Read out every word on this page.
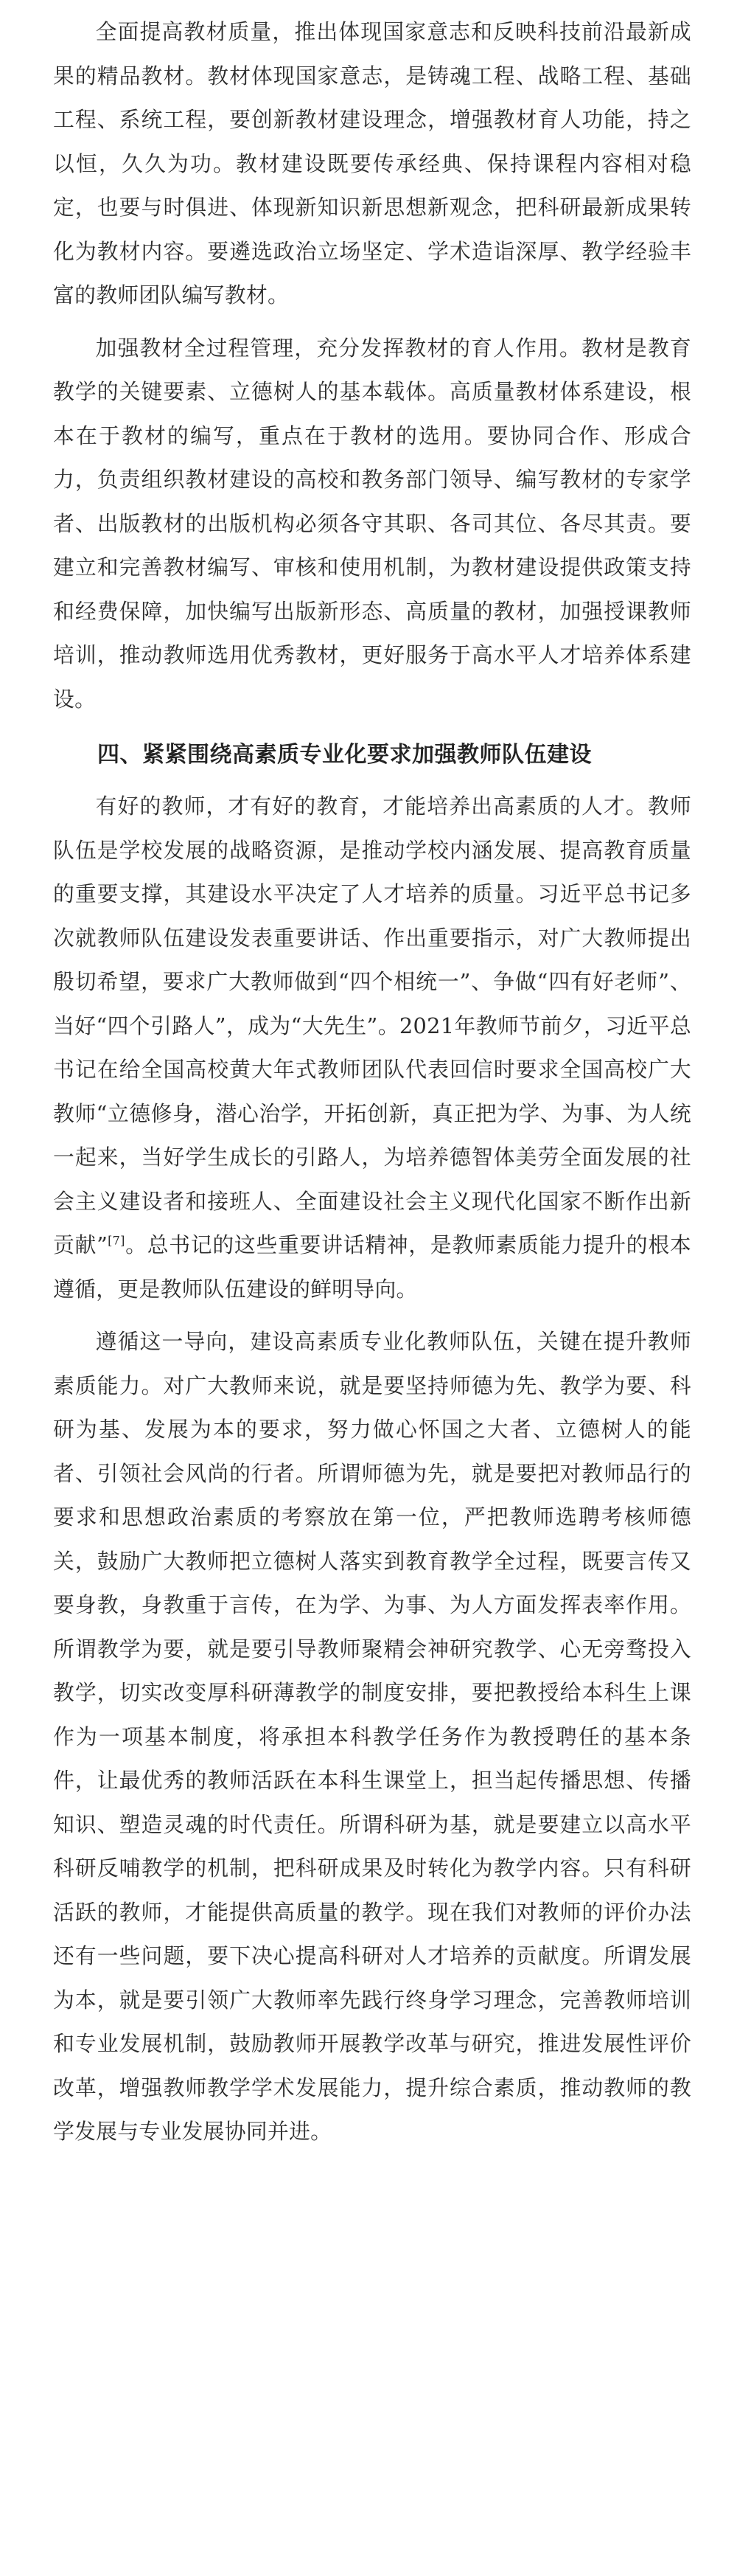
全面提高教材质量，推出体现国家意志和反映科技前沿最新成果的精品教材。教材体现国家意志，是铸魂工程、战略工程、基础工程、系统工程，要创新教材建设理念，增强教材育人功能，持之以恒，久久为功。教材建设既要传承经典、保持课程内容相对稳定，也要与时俱进、体现新知识新思想新观念，把科研最新成果转化为教材内容。要遴选政治立场坚定、学术造诣深厚、教学经验丰富的教师团队编写教材。

加强教材全过程管理，充分发挥教材的育人作用。教材是教育教学的关键要素、立德树人的基本载体。高质量教材体系建设，根本在于教材的编写，重点在于教材的选用。要协同合作、形成合力，负责组织教材建设的高校和教务部门领导、编写教材的专家学者、出版教材的出版机构必须各守其职、各司其位、各尽其责。要建立和完善教材编写、审核和使用机制，为教材建设提供政策支持和经费保障，加快编写出版新形态、高质量的教材，加强授课教师培训，推动教师选用优秀教材，更好服务于高水平人才培养体系建设。

四、紧紧围绕高素质专业化要求加强教师队伍建设

有好的教师，才有好的教育，才能培养出高素质的人才。教师队伍是学校发展的战略资源，是推动学校内涵发展、提高教育质量的重要支撑，其建设水平决定了人才培养的质量。习近平总书记多次就教师队伍建设发表重要讲话、作出重要指示，对广大教师提出殷切希望，要求广大教师做到“四个相统一”、争做“四有好老师”、当好“四个引路人”，成为“大先生”。2021年教师节前夕，习近平总书记在给全国高校黄大年式教师团队代表回信时要求全国高校广大教师“立德修身，潜心治学，开拓创新，真正把为学、为事、为人统一起来，当好学生成长的引路人，为培养德智体美劳全面发展的社会主义建设者和接班人、全面建设社会主义现代化国家不断作出新贡献”[7]。总书记的这些重要讲话精神，是教师素质能力提升的根本遵循，更是教师队伍建设的鲜明导向。

遵循这一导向，建设高素质专业化教师队伍，关键在提升教师素质能力。对广大教师来说，就是要坚持师德为先、教学为要、科研为基、发展为本的要求，努力做心怀国之大者、立德树人的能者、引领社会风尚的行者。所谓师德为先，就是要把对教师品行的要求和思想政治素质的考察放在第一位，严把教师选聘考核师德关，鼓励广大教师把立德树人落实到教育教学全过程，既要言传又要身教，身教重于言传，在为学、为事、为人方面发挥表率作用。所谓教学为要，就是要引导教师聚精会神研究教学、心无旁骛投入教学，切实改变厚科研薄教学的制度安排，要把教授给本科生上课作为一项基本制度，将承担本科教学任务作为教授聘任的基本条件，让最优秀的教师活跃在本科生课堂上，担当起传播思想、传播知识、塑造灵魂的时代责任。所谓科研为基，就是要建立以高水平科研反哺教学的机制，把科研成果及时转化为教学内容。只有科研活跃的教师，才能提供高质量的教学。现在我们对教师的评价办法还有一些问题，要下决心提高科研对人才培养的贡献度。所谓发展为本，就是要引领广大教师率先践行终身学习理念，完善教师培训和专业发展机制，鼓励教师开展教学改革与研究，推进发展性评价改革，增强教师教学学术发展能力，提升综合素质，推动教师的教学发展与专业发展协同并进。
